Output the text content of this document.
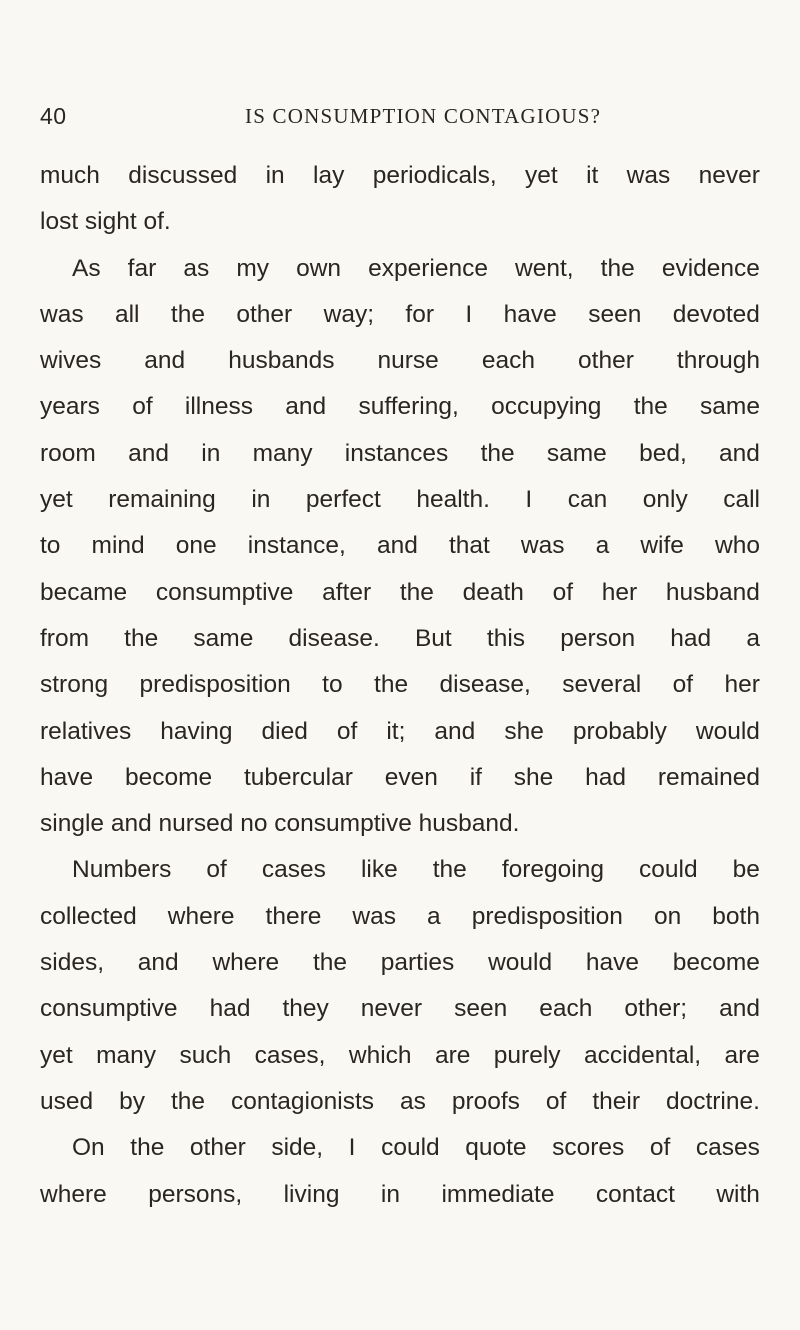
40	IS CONSUMPTION CONTAGIOUS?
much discussed in lay periodicals, yet it was never
lost sight of.
As far as my own experience went, the evidence
was all the other way; for I have seen devoted
wives and husbands nurse each other through
years of illness and suffering, occupying the same
room and in many instances the same bed, and
yet remaining in perfect health. I can only call
to mind one instance, and that was a wife who
became consumptive after the death of her husband
from the same disease. But this person had a
strong predisposition to the disease, several of her
relatives having died of it; and she probably would
have become tubercular even if she had remained
single and nursed no consumptive husband.
Numbers of cases like the foregoing could be
collected where there was a predisposition on both
sides, and where the parties would have become
consumptive had they never seen each other; and
yet many such cases, which are purely accidental, are
used by the contagionists as proofs of their doctrine.
On the other side, I could quote scores of cases
where persons, living in immediate contact with
